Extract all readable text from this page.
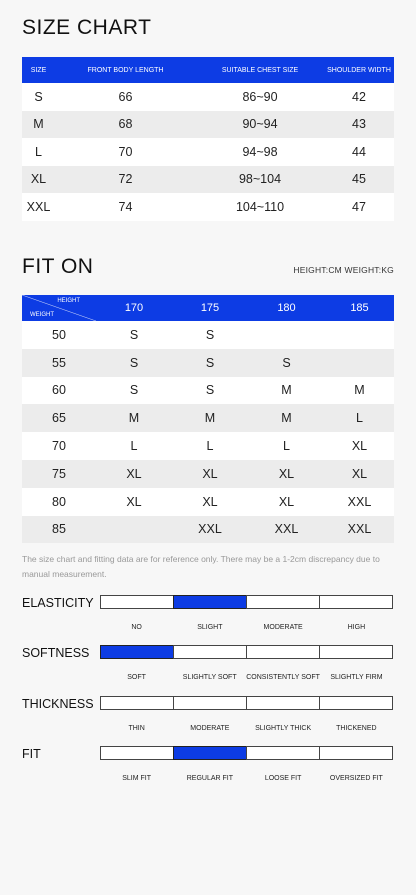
SIZE CHART
SIZE	FRONT BODY LENGTH	SUITABLE CHEST SIZE	SHOULDER WIDTH
S	66	86~90	42
M	68	90~94	43
L	70	94~98	44
XL	72	98~104	45
XXL	74	104~110	47
FIT ON	HEIGHT:CM WEIGHT:KG
HEIGHT
WEIGHT	170	175	180	185
50	S	S		
55	S	S	S	
60	S	S	M	M
65	M	M	M	L
70	L	L	L	XL
75	XL	XL	XL	XL
80	XL	XL	XL	XXL
85		XXL	XXL	XXL
The size chart and fitting data are for reference only. There may be a 1-2cm discrepancy due to manual measurement.
ELASTICITY
NO	SLIGHT	MODERATE	HIGH
SOFTNESS
SOFT	SLIGHTLY SOFT	CONSISTENTLY SOFT	SLIGHTLY FIRM
THICKNESS
THIN	MODERATE	SLIGHTLY THICK	THICKENED
FIT
SLIM FIT	REGULAR FIT	LOOSE FIT	OVERSIZED FIT
